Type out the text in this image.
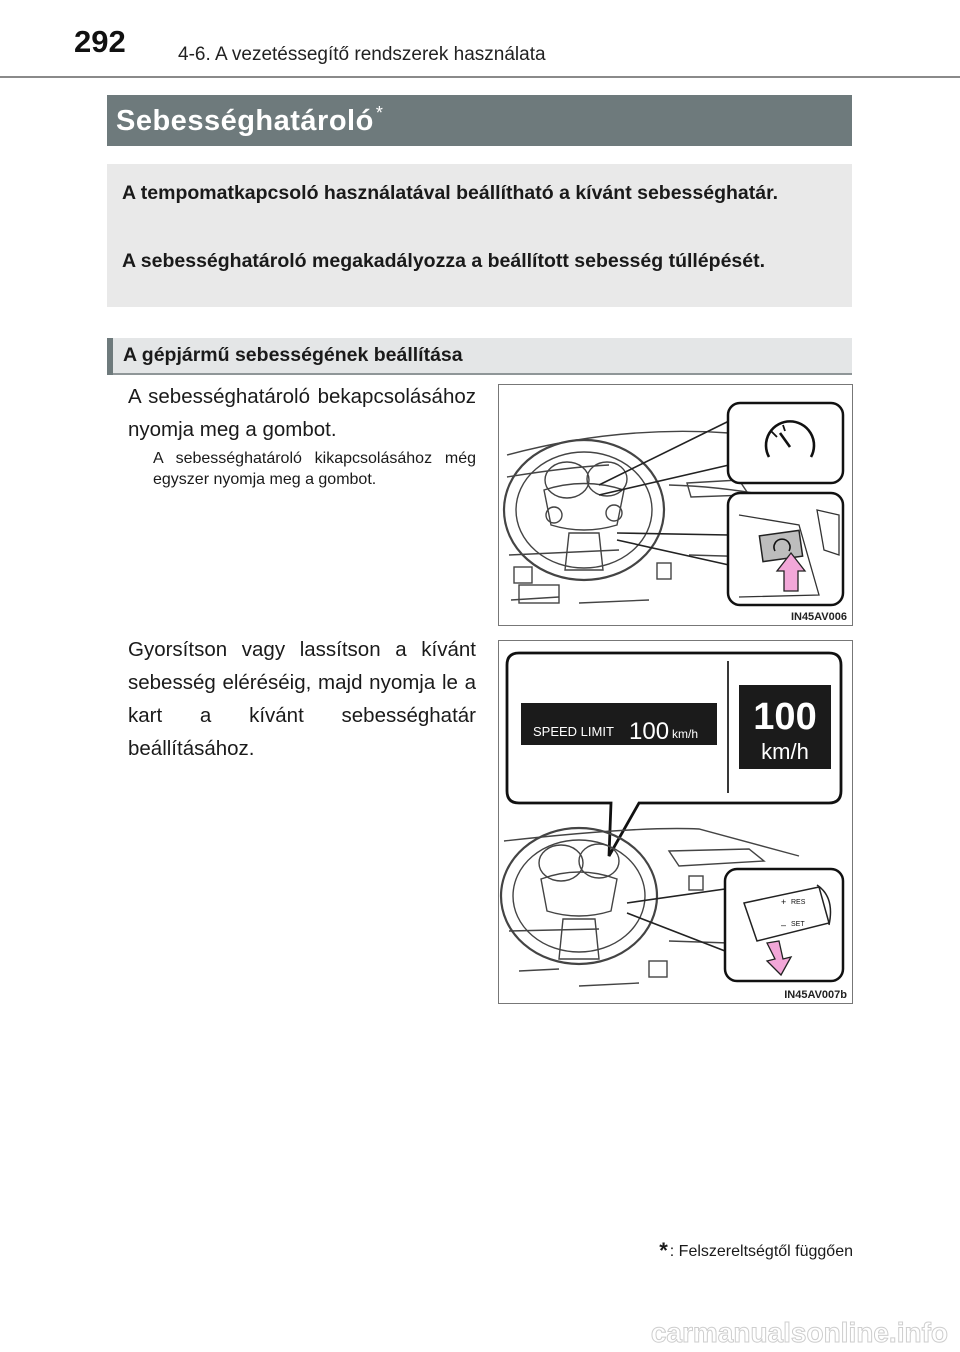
292	4-6. A vezetéssegítő rendszerek használata
Sebességhatároló *

A tempomatkapcsoló használatával beállítható a kívánt sebességhatár.

A sebességhatároló megakadályozza a beállított sebesség túllépését.

A gépjármű sebességének beállítása

A sebességhatároló bekapcsolásához nyomja meg a gombot.

A sebességhatároló kikapcsolásához még egyszer nyomja meg a gombot.

Gyorsítson vagy lassítson a kívánt sebesség eléréséig, majd nyomja le a kart a kívánt sebességhatár beállításához.

IN45AV006
SPEED LIMIT 100 km/h 100
km/h
RES
SET
+
–
IN45AV007b
* : Felszereltségtől függően
carmanualsonline.info
